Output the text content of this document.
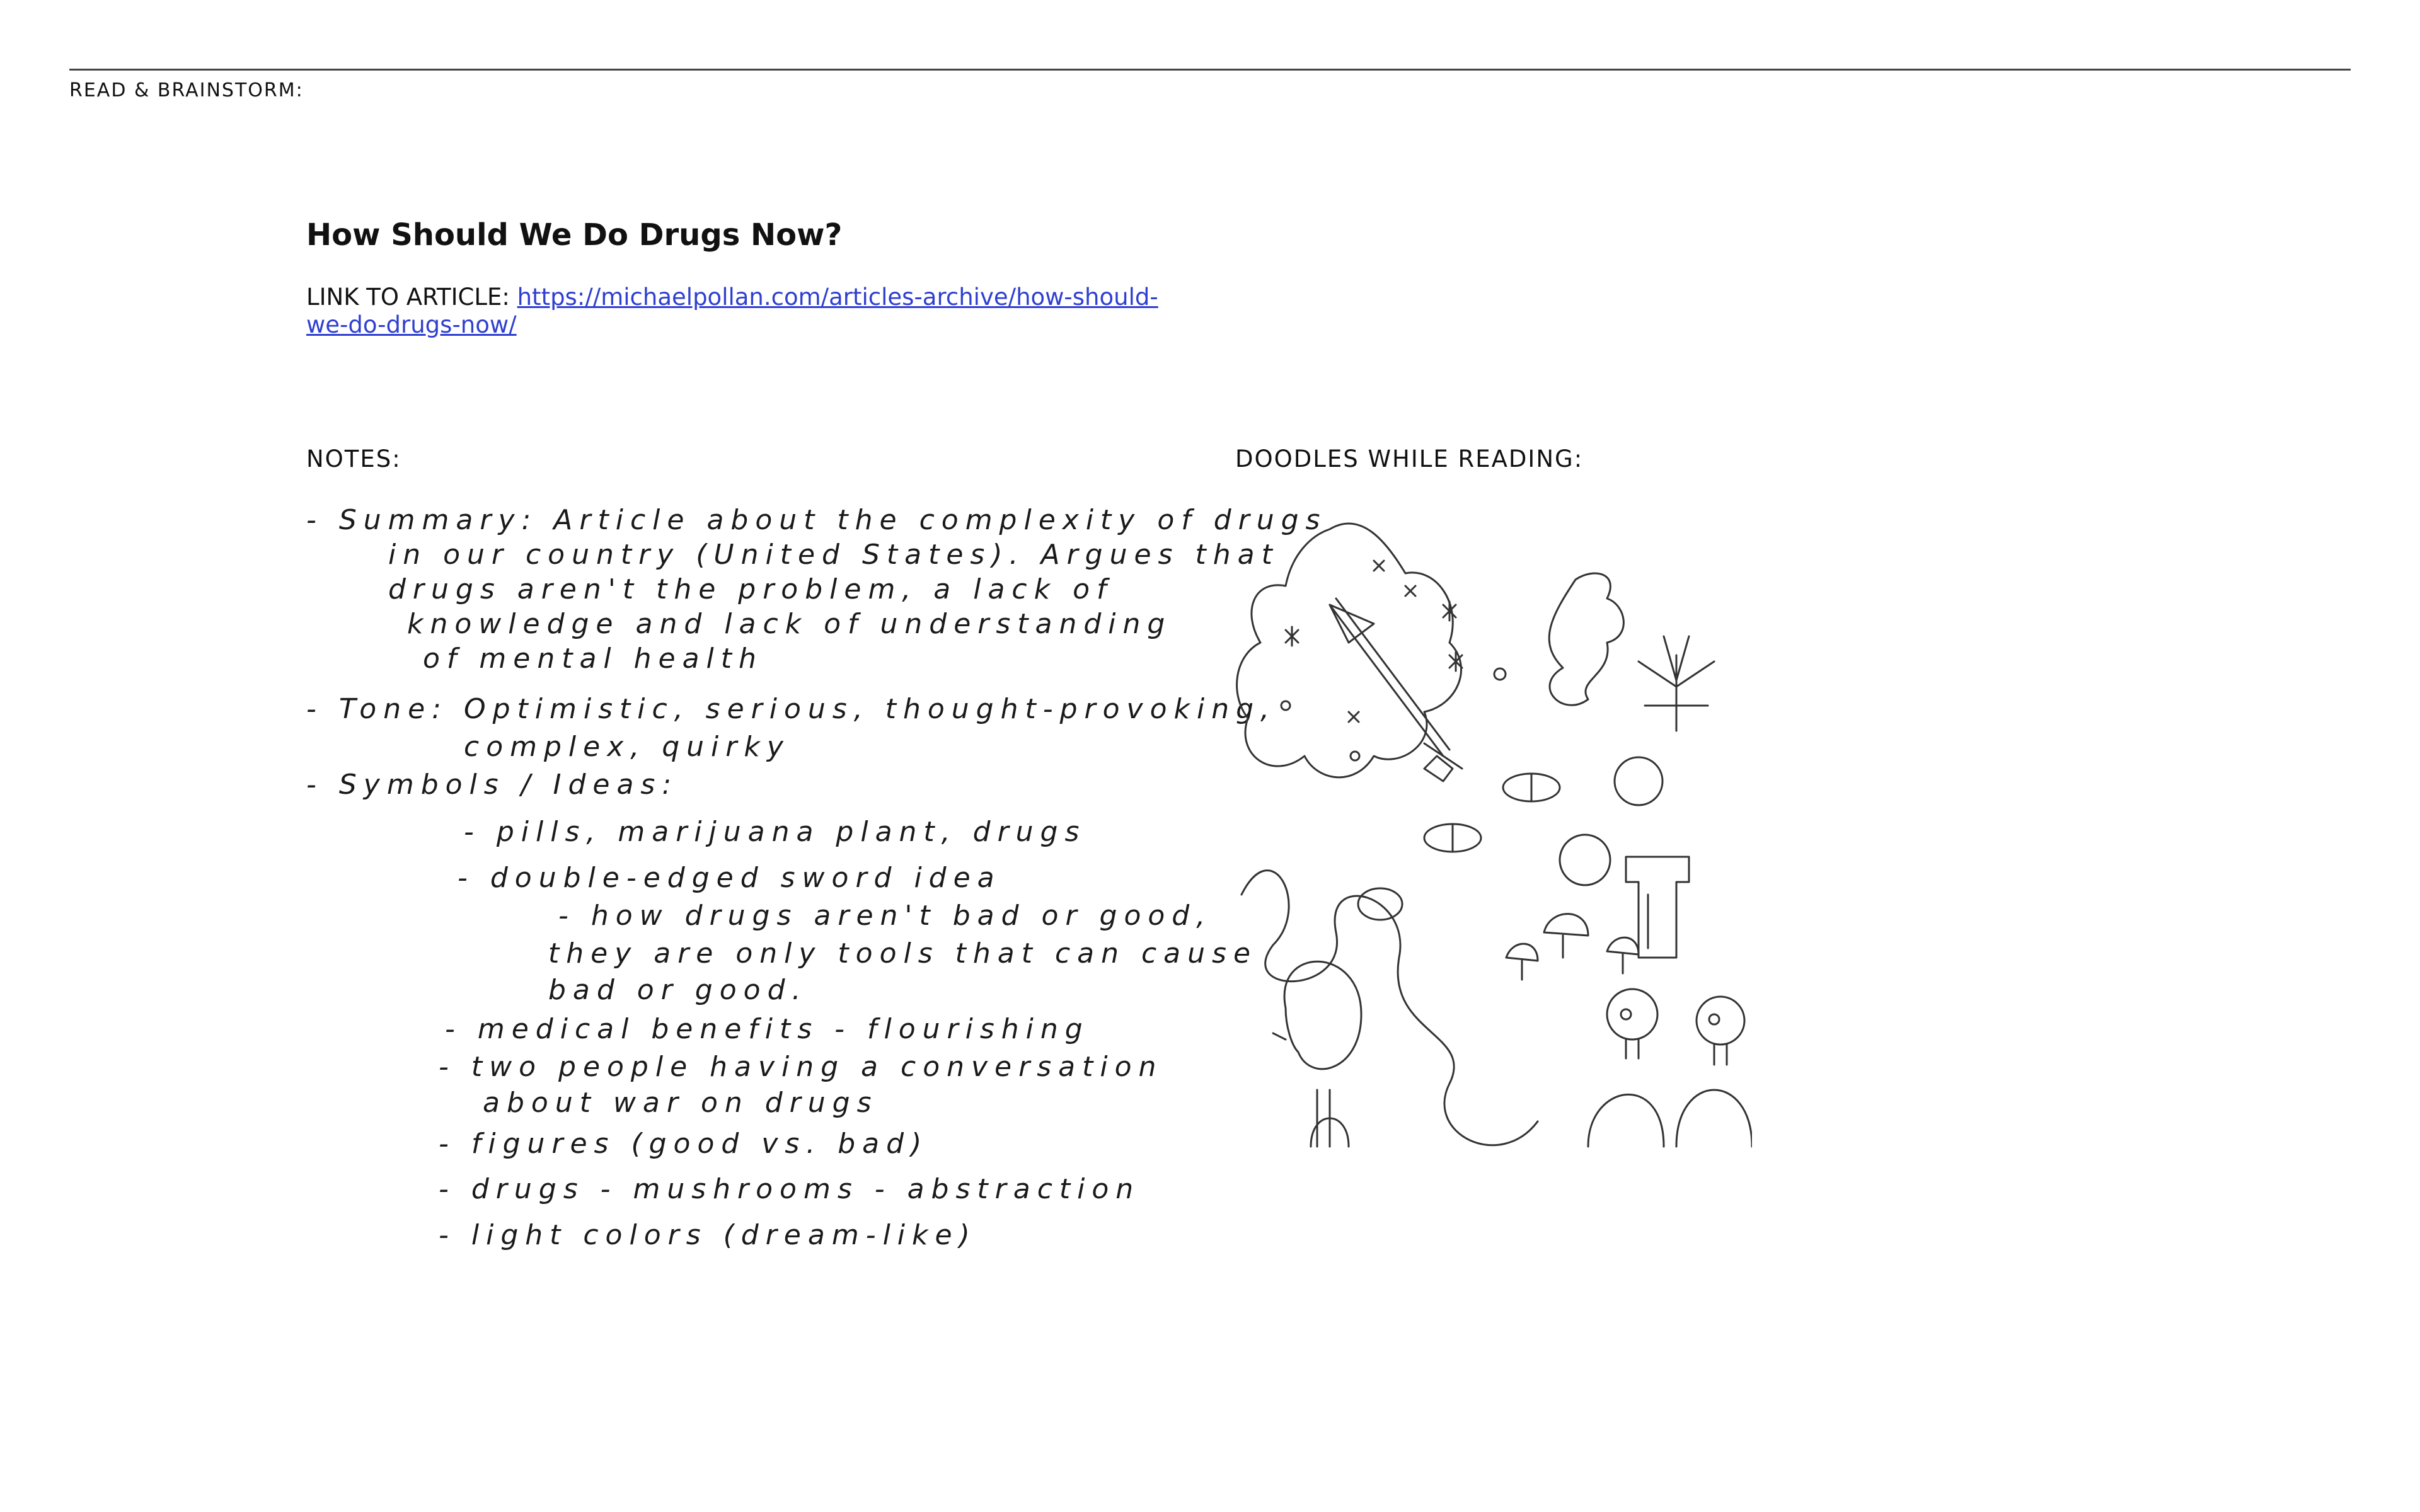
READ & BRAINSTORM:
How Should We Do Drugs Now?
LINK TO ARTICLE: https://michaelpollan.com/articles-archive/how-should-we-do-drugs-now/
NOTES:	DOODLES WHILE READING:
- Summary: Article about the complexity of drugs
in our country (United States). Argues that
drugs aren't the problem, a lack of
knowledge and lack of understanding
of mental health
- Tone: Optimistic, serious, thought-provoking,
complex, quirky
- Symbols / Ideas:
- pills, marijuana plant, drugs
- double-edged sword idea
- how drugs aren't bad or good,
they are only tools that can cause
bad or good.
- medical benefits - flourishing
- two people having a conversation
about war on drugs
- figures (good vs. bad)
- drugs - mushrooms - abstraction
- light colors (dream-like)
